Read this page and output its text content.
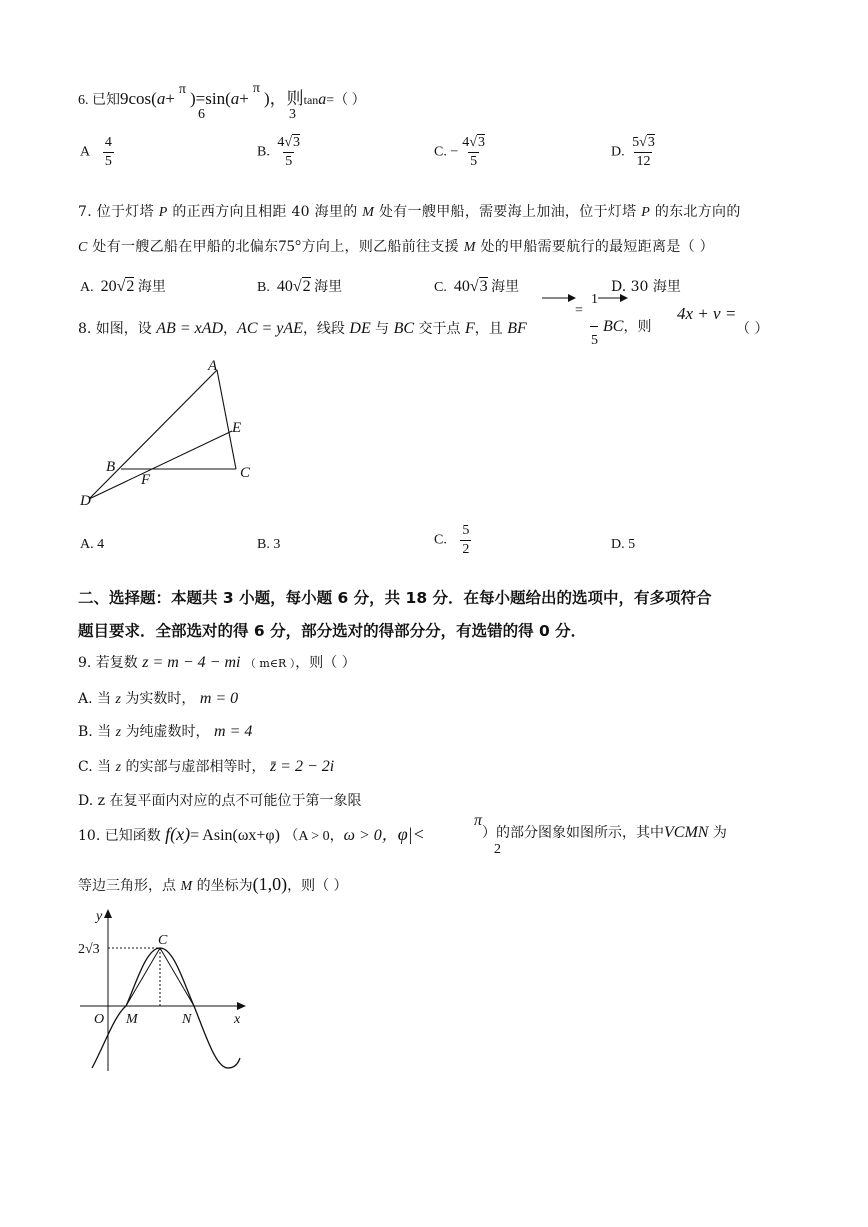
6. 已知9cos(a+ π
)=sin(a+
π

)，则tana=（ ）
6	3
A $\frac{4}{5}$	B. $\frac{4√3}{5}$	C. − $\frac{4√3}{5}$	D. $\frac{5√3}{12}$
7. 位于灯塔 P 的正西方向且相距 40 海里的 M 处有一艘甲船，需要海上加油，位于灯塔 P 的东北方向的
C 处有一艘乙船在甲船的北偏东75°方向上，则乙船前往支援 M 处的甲船需要航行的最短距离是（ ）
A. 20√2 海里	B. 40√2 海里	C. 40√3 海里	D. 30 海里
8. 如图，设 AB = xAD，AC = yAE，线段 DE 与 BC 交于点 F，且 BF
=
1
5
BC，则
4x + v =
（ ）
A
E
B	C
F
D
A. 4	B. 3	C. $\frac{5}{2}$	D. 5
二、选择题：本题共 3 小题，每小题 6 分，共 18 分．在每小题给出的选项中，有多项符合
题目要求．全部选对的得 6 分，部分选对的得部分分，有选错的得 0 分．
9. 若复数 z = m − 4 − mi （ m∈R ），则（ ）
A. 当 z 为实数时， m = 0
B. 当 z 为纯虚数时， m = 4
C. 当 z 的实部与虚部相等时， z̄ = 2 − 2i
D. z 在复平面内对应的点不可能位于第一象限
10. 已知函数 f(x)= Asin(ωx+φ) （A > 0，ω > 0，φ|<
π
2
）的部分图象如图所示，其中VCMN 为
等边三角形，点 M 的坐标为(1,0)，则（ ）
y
x
O M	N
C
2√3
